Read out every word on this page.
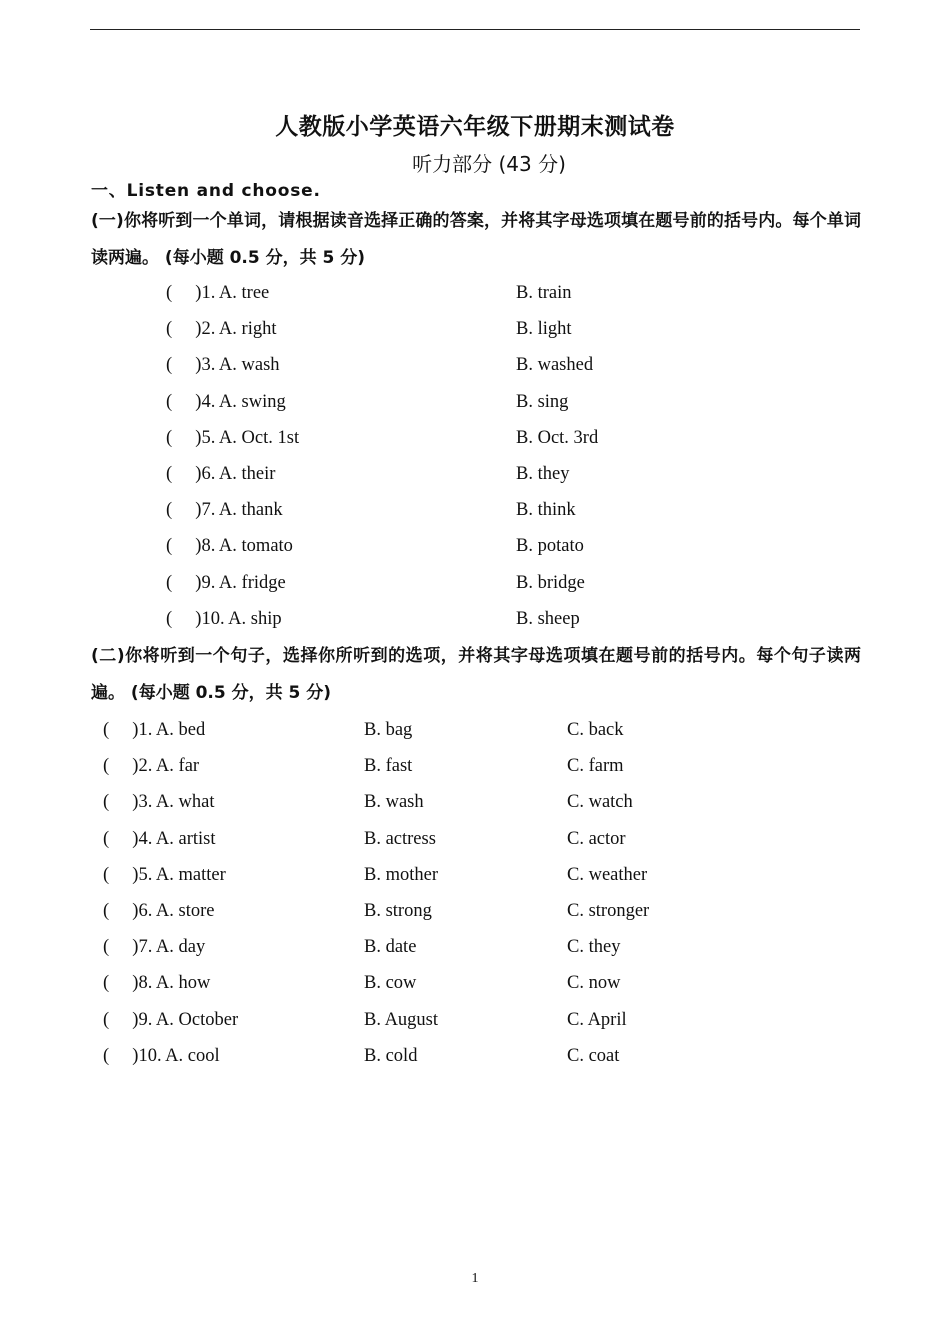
人教版小学英语六年级下册期末测试卷
听力部分 (43 分)
一、Listen and choose.
(一)你将听到一个单词，请根据读音选择正确的答案，并将其字母选项填在题号前的括号内。每个单词读两遍。 (每小题 0.5 分，共 5 分)
(     )1. A. tree	B. train
(     )2. A. right	B. light
(     )3. A. wash	B. washed
(     )4. A. swing	B. sing
(     )5. A. Oct. 1st	B. Oct. 3rd
(     )6. A. their	B. they
(     )7. A. thank	B. think
(     )8. A. tomato	B. potato
(     )9. A. fridge	B. bridge
(     )10. A. ship	B. sheep
(二)你将听到一个句子，选择你所听到的选项，并将其字母选项填在题号前的括号内。每个句子读两遍。 (每小题 0.5 分，共 5 分)
(     )1. A. bed	B. bag	C. back
(     )2. A. far	B. fast	C. farm
(     )3. A. what	B. wash	C. watch
(     )4. A. artist	B. actress	C. actor
(     )5. A. matter	B. mother	C. weather
(     )6. A. store	B. strong	C. stronger
(     )7. A. day	B. date	C. they
(     )8. A. how	B. cow	C. now
(     )9. A. October	B. August	C. April
(     )10. A. cool	B. cold	C. coat
1
